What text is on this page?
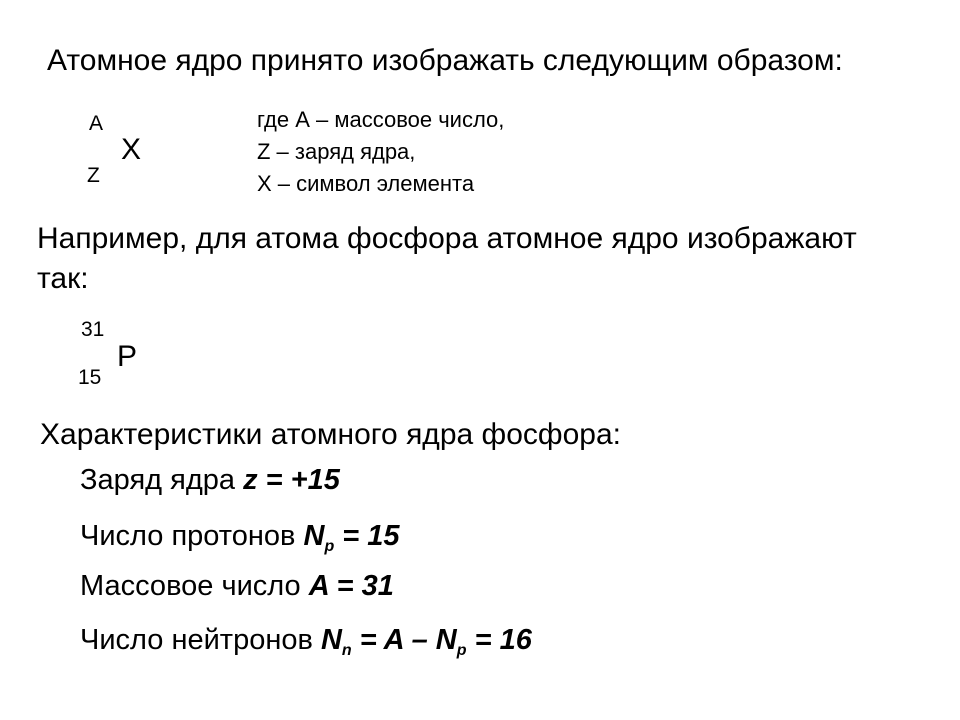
Атомное ядро принято изображать следующим образом:
A
X
Z
где А – массовое число,
Z – заряд ядра,
X – символ элемента
Например, для атома фосфора атомное ядро изображают
так:
31
P
15
Характеристики атомного ядра фосфора:
Заряд ядра z = +15
Число протонов $N_p = 15$
Массовое число A = 31
Число нейтронов $N_n = A - N_p = 16$
